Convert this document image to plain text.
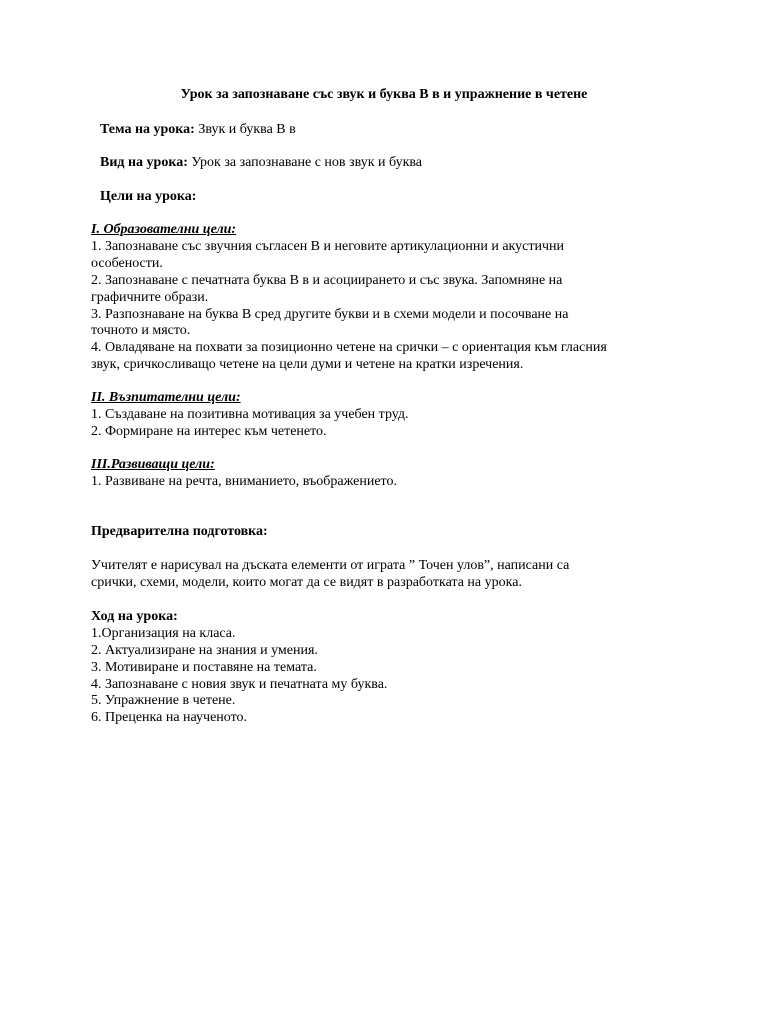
Урок за запознаване със звук и буква В в и упражнение в четене
Тема на урока: Звук и буква В в
Вид на урока: Урок за запознаване с нов звук и буква
Цели на урока:
I. Образователни цели:
1. Запознаване със звучния съгласен В и неговите артикулационни и акустични
особености.
2. Запознаване с печатната буква В в и асоциирането и със звука. Запомняне на
графичните образи.
3. Разпознаване на буква В сред другите букви и в схеми модели и посочване на
точното и място.
4. Овладяване на похвати за позиционно четене на срички – с ориентация към гласния
звук, сричкосливащо четене на цели думи и четене на кратки изречения.
II. Възпитателни цели:
1. Създаване на позитивна мотивация за учебен труд.
2. Формиране на интерес към четенето.
III.Развиващи цели:
1. Развиване на речта, вниманието, въображението.
Предварителна подготовка:
Учителят е нарисувал на дъската елементи от играта ” Точен улов”, написани са
срички, схеми, модели, които могат да се видят в разработката на урока.
Ход на урока:
1.Организация на класа.
2. Актуализиране на знания и умения.
3. Мотивиране и поставяне на темата.
4. Запознаване с новия звук и печатната му буква.
5. Упражнение в четене.
6. Преценка на наученото.
